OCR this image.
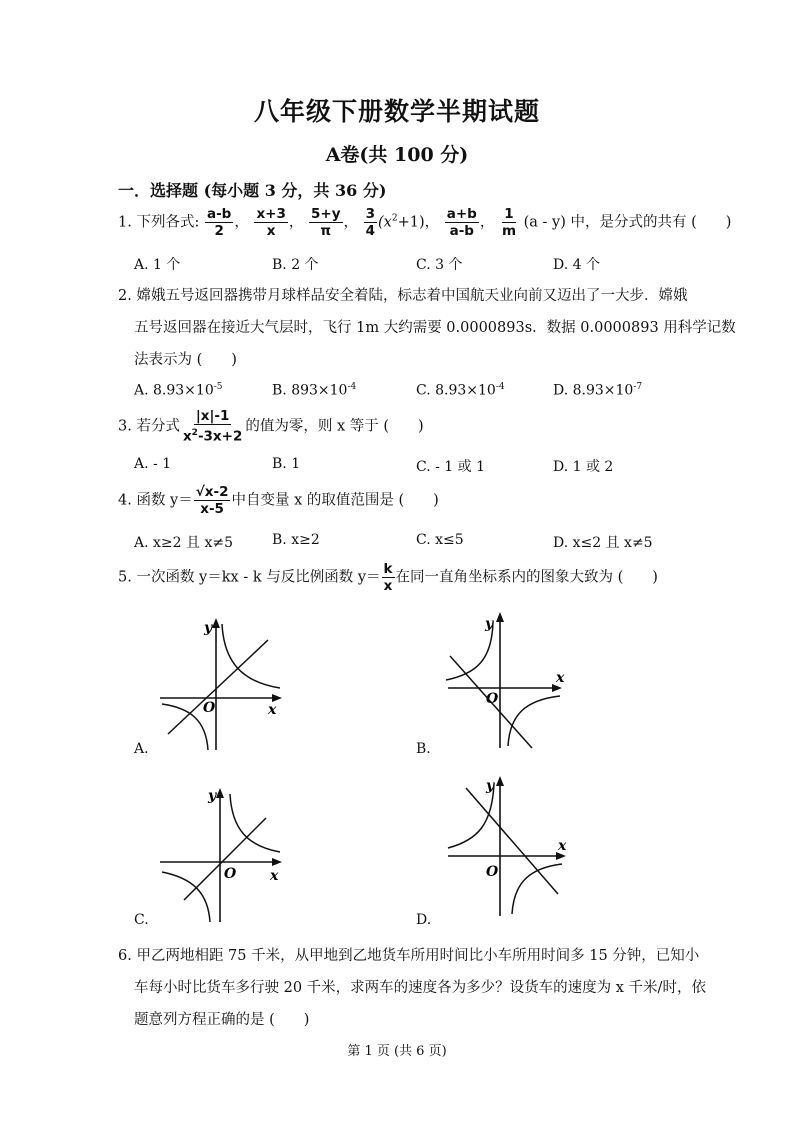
八年级下册数学半期试题
A卷(共 100 分)
一．选择题 (每小题 3 分，共 36 分)
1. 下列各式: $\frac{a-b}{2}$ ， $\frac{x+3}{x}$ ， $\frac{5+y}{\pi}$ ， $\frac{3}{4} (x^2+1)$， $\frac{a+b}{a-b}$ ， $\frac{1}{m} (a - y)$ 中，是分式的共有 (　　)
A. 1 个	B. 2 个	C. 3 个	D. 4 个
2. 嫦娥五号返回器携带月球样品安全着陆，标志着中国航天业向前又迈出了一大步．嫦娥
五号返回器在接近大气层时，飞行 1m 大约需要 0.0000893s．数据 0.0000893 用科学记数
法表示为 (　　)
A. $8.93\times 10^{-5}$	B. $893\times 10^{-4}$	C. $8.93\times 10^{-4}$	D. $8.93\times 10^{-7}$
3. 若分式 $\frac{|x|-1}{x^2-3x+2}$ 的值为零，则 x 等于 (　　)
A. - 1	B. 1	C. - 1 或 1	D. 1 或 2
4. 函数 $y= \frac{√x-2}{x-5}$ 中自变量 x 的取值范围是 (　　)
A. x≥2 且 x≠5	B. x≥2	C. x≤5	D. x≤2 且 x≠5
5. 一次函数 y＝kx - k 与反比例函数 $y= \frac{k}{x}$ 在同一直角坐标系内的图象大致为 (　　)
y
x
O
A.
y
x
O
B.
y
x
O
C.
y
x
O
D.
6. 甲乙两地相距 75 千米，从甲地到乙地货车所用时间比小车所用时间多 15 分钟，已知小
车每小时比货车多行驶 20 千米，求两车的速度各为多少？设货车的速度为 x 千米/时，依
题意列方程正确的是 (　　)
第 1 页 (共 6 页)
